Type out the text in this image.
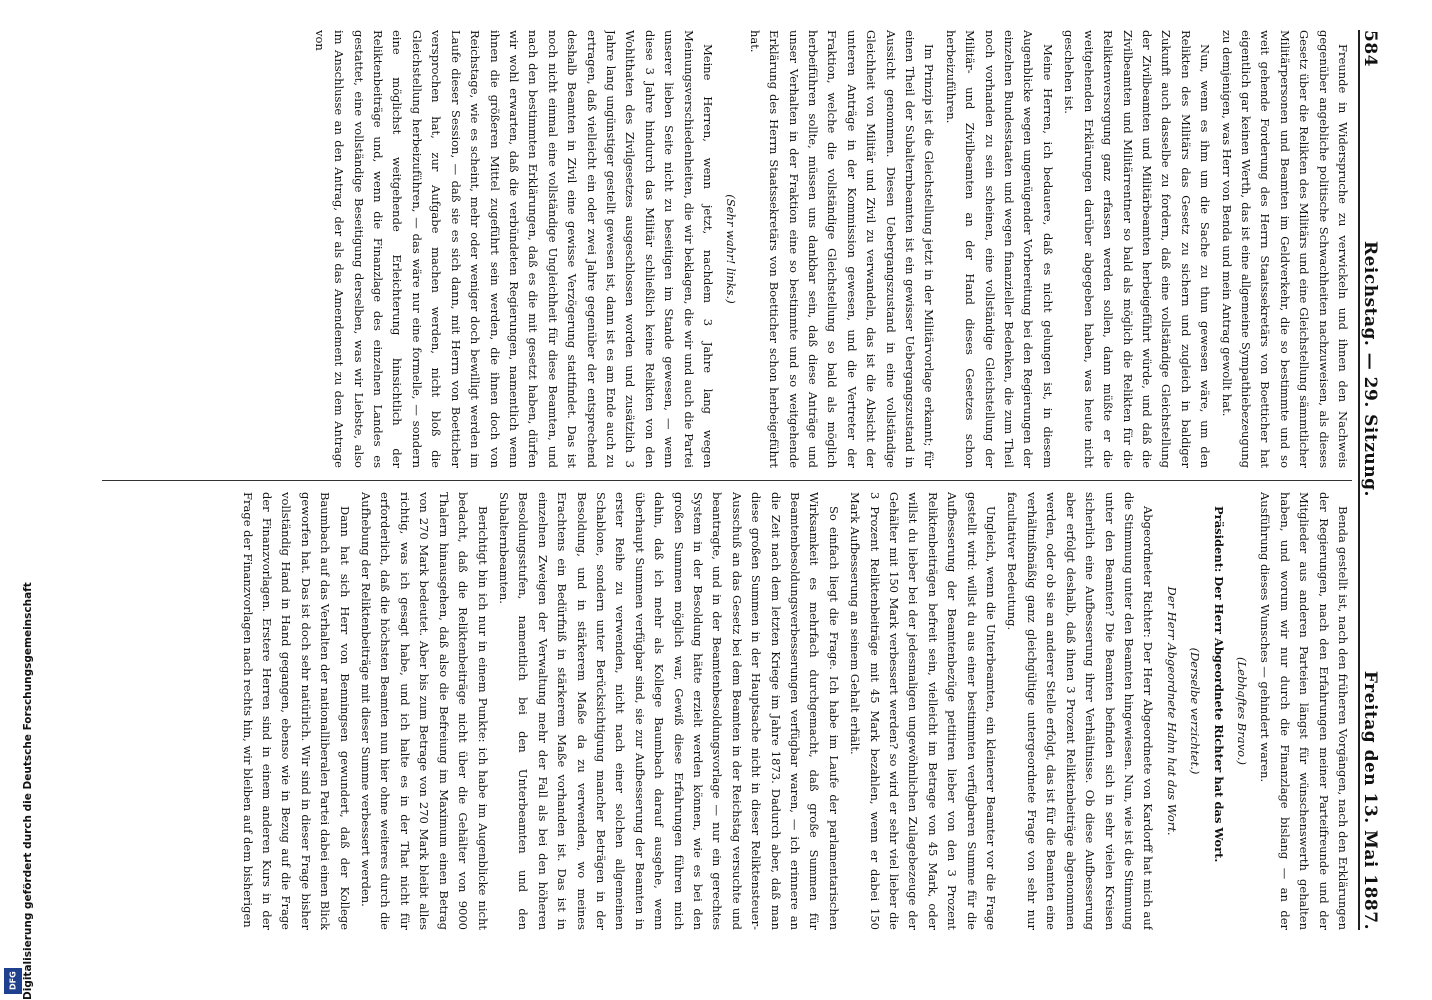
584
Reichstag. — 29. Sitzung.
Freitag den 13. Mai 1887.

Freunde in Widerspruche zu verwickeln und ihnen den Nachweis gegenüber angebliche politische Schwachheiten nachzuweisen, als dieses Gesetz über die Relikten des Militärs und eine Gleichstellung sämmtlicher Militärpersonen und Beamten im Geldverkehr, die so bestimmte und so weit gehende Forderung des Herrn Staatssekretärs von Boetticher hat eigentlich gar keinen Werth, das ist eine allgemeine Sympathiebezeugung zu demjenigen, was Herr von Benda und mein Antrag gewollt hat.

Nun, wenn es ihm um die Sache zu thun gewesen wäre, um den Relikten des Militärs das Gesetz zu sichern und zugleich in baldiger Zukunft auch dasselbe zu fordern, daß eine vollständige Gleichstellung der Zivilbeamten und Militärbeamten herbeigeführt würde, und daß die Zivilbeamten und Militärrentner so bald als möglich die Relikten für die Reliktenversorgung ganz erfassen werden sollen, dann müßte er die weitgehenden Erklärungen darüber abgegeben haben, was heute nicht geschehen ist.

Meine Herren, ich bedauere, daß es nicht gelungen ist, in diesem Augenblicke wegen ungenügender Vorbereitung bei den Regierungen der einzelnen Bundesstaaten und wegen finanzieller Bedenken, die zum Theil noch vorhanden zu sein scheinen, eine vollständige Gleichstellung der Militär- und Zivilbeamten an der Hand dieses Gesetzes schon herbeizuführen.

Im Prinzip ist die Gleichstellung jetzt in der Militärvorlage erkannt; für einen Theil der Subalternbeamten ist ein gewisser Uebergangszustand in Aussicht genommen. Diesen Uebergangszustand in eine vollständige Gleichheit von Militär und Zivil zu verwandeln, das ist die Absicht der unteren Anträge in der Kommission gewesen, und die Vertreter der Fraktion, welche die vollständige Gleichstellung so bald als möglich herbeiführen sollte, müssen uns dankbar sein, daß diese Anträge und unser Verhalten in der Fraktion eine so bestimmte und so weitgehende Erklärung des Herrn Staatssekretärs von Boetticher schon herbeigeführt hat.

(Sehr wahr! links.)

Meine Herren, wenn jetzt, nachdem 3 Jahre lang wegen Meinungsverschiedenheiten, die wir beklagen, die wir und auch die Partei unserer lieben Seite nicht zu beseitigen im Stande gewesen, — wenn diese 3 Jahre hindurch das Militär schließlich keine Relikten von den Wohlthaten des Zivilgesetzes ausgeschlossen worden und zusätzlich 3 Jahre lang ungünstiger gestellt gewesen ist, dann ist es am Ende auch zu ertragen, daß vielleicht ein oder zwei Jahre gegenüber der entsprechend deshalb Beamten in Zivil eine gewisse Verzögerung stattfindet. Das ist noch nicht einmal eine vollständige Ungleichheit für diese Beamten, und nach den bestimmten Erklärungen, daß es die mit gesetzt haben, dürfen wir wohl erwarten, daß die verbündeten Regierungen, namentlich wenn ihnen die größeren Mittel zugeführt sein werden, die ihnen doch von Reichstage, wie es scheint, mehr oder weniger doch bewilligt werden im Laufe dieser Session, — daß sie es sich dann, mit Herrn von Boetticher versprochen hat, zur Aufgabe machen werden, nicht bloß die Gleichstellung herbeizuführen, — das wäre nur eine formelle, — sondern eine möglichst weitgehende Erleichterung hinsichtlich der Reliktenbeiträge und, wenn die Finanzlage des einzelnen Landes es gestattet, eine vollständige Beseitigung derselben, was wir Liebste, also im Anschlusse an den Antrag, der als das Amendement zu dem Antrage von

Benda gestellt ist, nach den früheren Vorgängen, nach den Erklärungen der Regierungen, nach den Erfahrungen meiner Parteifreunde und der Mitglieder aus anderen Parteien längst für wünschenswerth gehalten haben, und worum wir nur durch die Finanzlage bislang — an der Ausführung dieses Wunsches — gehindert waren.

(Lebhaftes Bravo.)

Präsident: Der Herr Abgeordnete Richter hat das Wort.

(Derselbe verzichtet.)

Der Herr Abgeordnete Hahn hat das Wort.

Abgeordneter Richter: Der Herr Abgeordnete von Kardorff hat mich auf die Stimmung unter den Beamten hingewiesen. Nun, wie ist die Stimmung unter den Beamten? Die Beamten befinden sich in sehr vielen Kreisen sicherlich eine Aufbesserung ihrer Verhältnisse. Ob diese Aufbesserung aber erfolgt deshalb, daß ihnen 3 Prozent Reliktenbeiträge abgenommen werden, oder ob sie an anderer Stelle erfolgt, das ist für die Beamten eine verhältnißmäßig ganz gleichgültige untergeordnete Frage von sehr nur facultativer Bedeutung.

Ungleich, wenn die Unterbeamten, ein kleinerer Beamter vor die Frage gestellt wird: willst du aus einer bestimmten verfügbaren Summe für die Aufbesserung der Beamtenbezüge petitiren lieber von den 3 Prozent Reliktenbeiträgen befreit sein, vielleicht im Betrage von 45 Mark, oder willst du lieber bei der jedesmaligen ungewöhnlichen Zulagebezeuge der Gehälter mit 150 Mark verbessert werden? so wird er sehr viel lieber die 3 Prozent Reliktenbeiträge mit 45 Mark bezahlen, wenn er dabei 150 Mark Aufbesserung an seinem Gehalt erhält.

So einfach liegt die Frage. Ich habe im Laufe der parlamentarischen Wirksamkeit es mehrfach durchgemacht, daß große Summen für Beamtenbesoldungsverbesserungen verfügbar waren, — ich erinnere an die Zeit nach dem letzten Kriege im Jahre 1873. Dadurch aber, daß man diese großen Summen in der Hauptsache nicht in dieser Reliktensteuer-Ausschuß an das Gesetz bei dem Beamten in der Reichstag versuchte und beantragte, und in der Beamtenbesoldungsvorlage — nur ein gerechtes System in der Besoldung hätte erzielt werden können, wie es bei den großen Summen möglich war, Gewiß diese Erfahrungen führen mich dahin, daß ich mehr als Kollege Baumbach darauf ausgehe, wenn überhaupt Summen verfügbar sind, sie zur Aufbesserung der Beamten in erster Reihe zu verwenden, nicht nach einer solchen allgemeinen Schablone, sondern unter Berücksichtigung mancher Beträgen in der Besoldung, und in stärkerem Maße da zu verwenden, wo meines Erachtens ein Bedürfniß in stärkerem Maße vorhanden ist. Das ist in einzelnen Zweigen der Verwaltung mehr der Fall als bei den höheren Besoldungsstufen, namentlich bei den Unterbeamten und den Subalternbeamten.

Berichtigt bin ich nur in einem Punkte: ich habe im Augenblicke nicht bedacht, daß die Reliktenbeiträge nicht über die Gehälter von 9000 Thalern hinausgehen, daß also die Befreiung im Maximum einen Betrag von 270 Mark bedeutet. Aber bis zum Betrage von 270 Mark bleibt alles richtig, was ich gesagt habe, und ich halte es in der That nicht für erforderlich, daß die höchsten Beamten nun hier ohne weiteres durch die Aufhebung der Reliktenbeiträge mit dieser Summe verbessert werden.

Dann hat sich Herr von Benningsen gewundert, daß der Kollege Baumbach auf das Verhalten der nationalliberalen Partei dabei einen Blick geworfen hat. Das ist doch sehr natürlich. Wir sind in dieser Frage bisher vollständig Hand in Hand gegangen, ebenso wie in Bezug auf die Frage der Finanzvorlagen. Erstere Herren sind in einem anderen Kurs in der Frage der Finanzvorlagen nach rechts hin, wir bleiben auf dem bisherigen

Digitalisierung gefördert durch die Deutsche Forschungsgemeinschaft
DFG
